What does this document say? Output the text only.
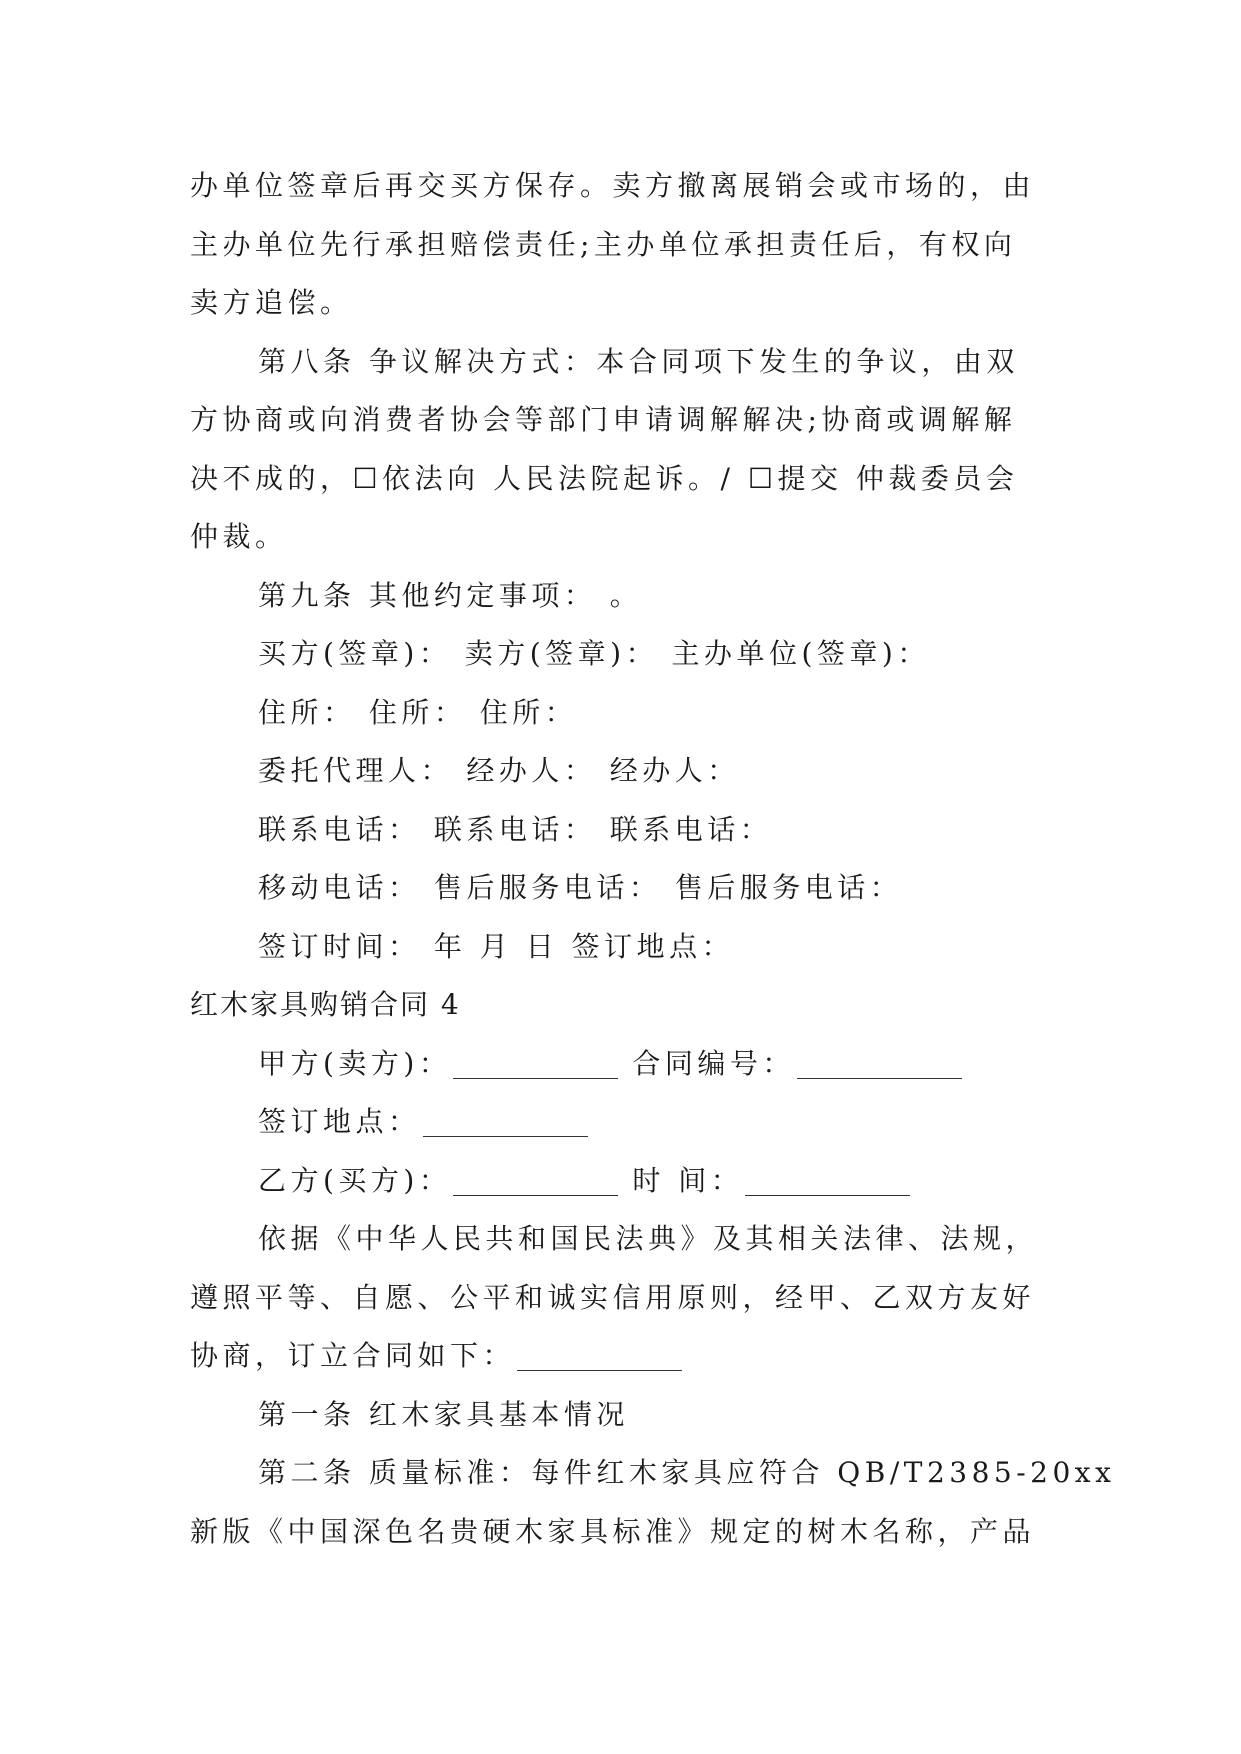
办单位签章后再交买方保存。卖方撤离展销会或市场的，由
主办单位先行承担赔偿责任;主办单位承担责任后，有权向
卖方追偿。
第八条 争议解决方式：本合同项下发生的争议，由双
方协商或向消费者协会等部门申请调解解决;协商或调解解
决不成的，☐依法向 人民法院起诉。/ ☐提交 仲裁委员会
仲裁。
第九条 其他约定事项： 。
买方(签章)： 卖方(签章)： 主办单位(签章)：
住所： 住所： 住所：
委托代理人： 经办人： 经办人：
联系电话： 联系电话： 联系电话：
移动电话： 售后服务电话： 售后服务电话：
签订时间： 年 月 日 签订地点：
红木家具购销合同 4
甲方(卖方)：	合同编号：
签订地点：
乙方(买方)：	时 间：
依据《中华人民共和国民法典》及其相关法律、法规，
遵照平等、自愿、公平和诚实信用原则，经甲、乙双方友好
协商，订立合同如下：
第一条 红木家具基本情况
第二条 质量标准：每件红木家具应符合 QB/T2385-20xx
新版《中国深色名贵硬木家具标准》规定的树木名称，产品
